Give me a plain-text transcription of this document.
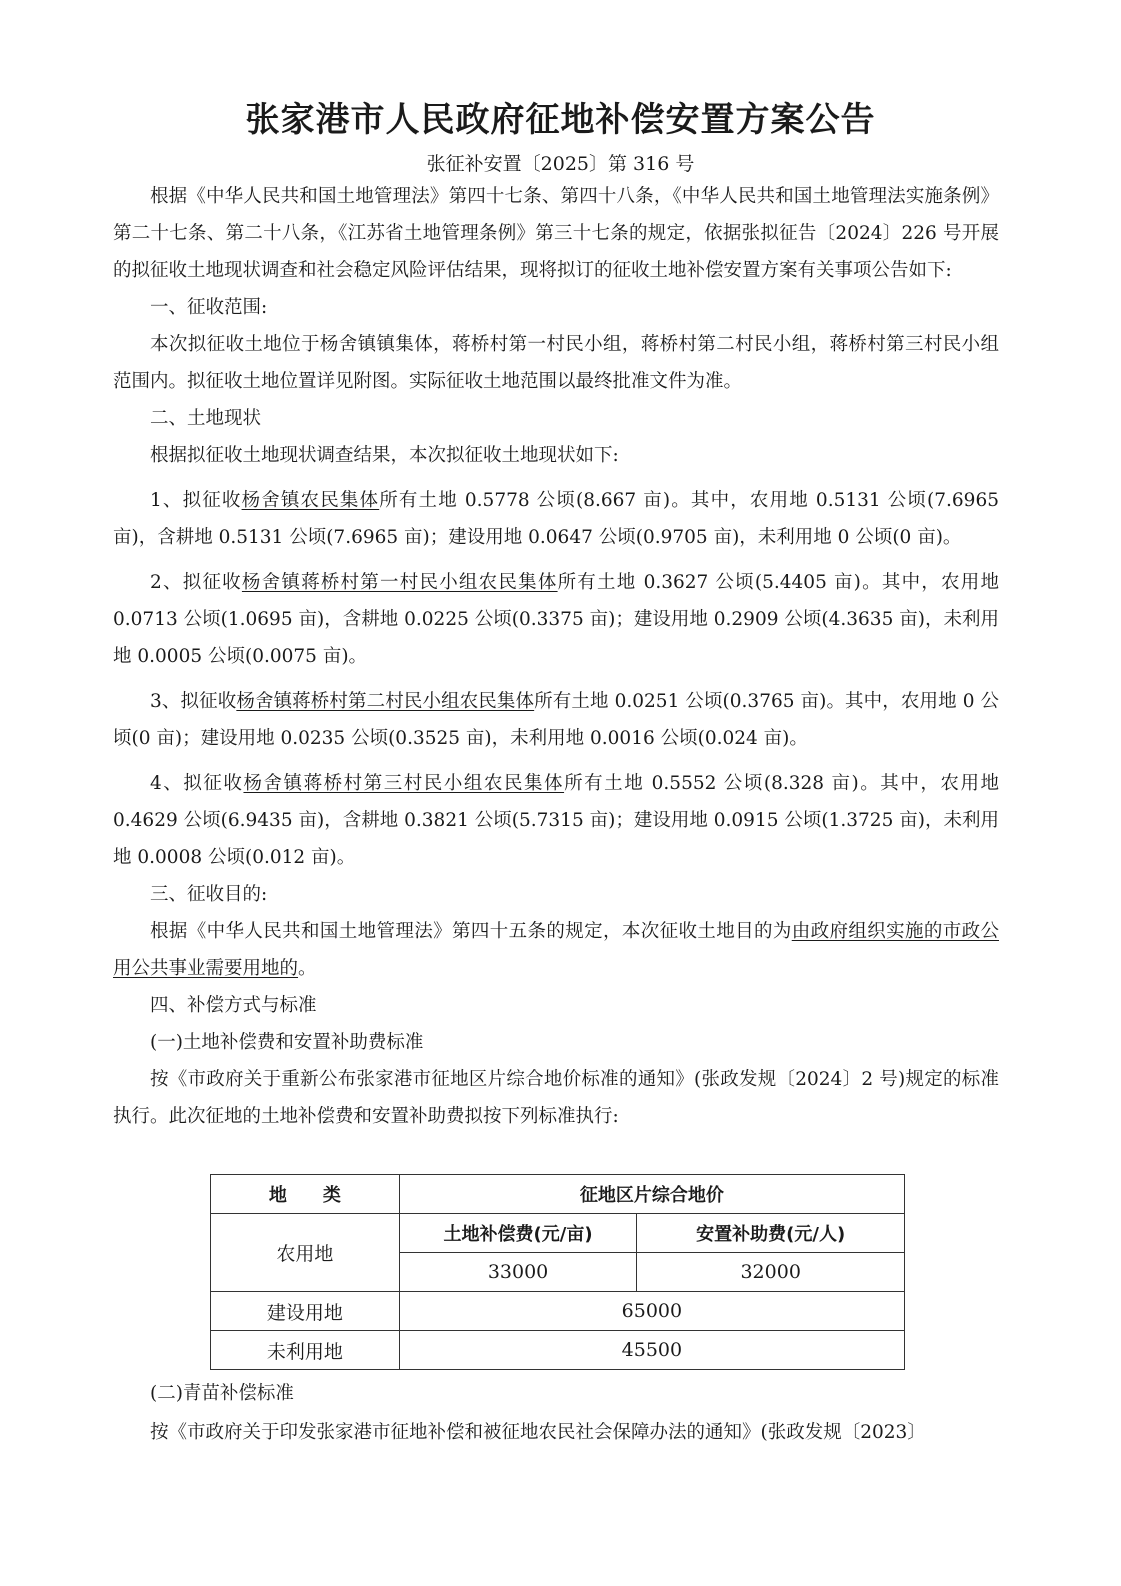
张家港市人民政府征地补偿安置方案公告
张征补安置〔2025〕第 316 号

根据《中华人民共和国土地管理法》第四十七条、第四十八条，《中华人民共和国土地管理法实施条例》第二十七条、第二十八条，《江苏省土地管理条例》第三十七条的规定，依据张拟征告〔2024〕226 号开展的拟征收土地现状调查和社会稳定风险评估结果，现将拟订的征收土地补偿安置方案有关事项公告如下:

一、征收范围:

本次拟征收土地位于杨舍镇镇集体，蒋桥村第一村民小组，蒋桥村第二村民小组，蒋桥村第三村民小组范围内。拟征收土地位置详见附图。实际征收土地范围以最终批准文件为准。

二、土地现状

根据拟征收土地现状调查结果，本次拟征收土地现状如下:

1、拟征收杨舍镇农民集体所有土地 0.5778 公顷(8.667 亩)。其中，农用地 0.5131 公顷(7.6965 亩)，含耕地 0.5131 公顷(7.6965 亩)；建设用地 0.0647 公顷(0.9705 亩)，未利用地 0 公顷(0 亩)。

2、拟征收杨舍镇蒋桥村第一村民小组农民集体所有土地 0.3627 公顷(5.4405 亩)。其中，农用地 0.0713 公顷(1.0695 亩)，含耕地 0.0225 公顷(0.3375 亩)；建设用地 0.2909 公顷(4.3635 亩)，未利用地 0.0005 公顷(0.0075 亩)。

3、拟征收杨舍镇蒋桥村第二村民小组农民集体所有土地 0.0251 公顷(0.3765 亩)。其中，农用地 0 公顷(0 亩)；建设用地 0.0235 公顷(0.3525 亩)，未利用地 0.0016 公顷(0.024 亩)。

4、拟征收杨舍镇蒋桥村第三村民小组农民集体所有土地 0.5552 公顷(8.328 亩)。其中，农用地 0.4629 公顷(6.9435 亩)，含耕地 0.3821 公顷(5.7315 亩)；建设用地 0.0915 公顷(1.3725 亩)，未利用地 0.0008 公顷(0.012 亩)。

三、征收目的:

根据《中华人民共和国土地管理法》第四十五条的规定，本次征收土地目的为由政府组织实施的市政公用公共事业需要用地的。

四、补偿方式与标准

(一)土地补偿费和安置补助费标准

按《市政府关于重新公布张家港市征地区片综合地价标准的通知》(张政发规〔2024〕2 号)规定的标准执行。此次征地的土地补偿费和安置补助费拟按下列标准执行:

地　　类	征地区片综合地价	
农用地	土地补偿费(元/亩)	安置补助费(元/人)
	33000	32000
建设用地	65000	
未利用地	45500	

(二)青苗补偿标准

按《市政府关于印发张家港市征地补偿和被征地农民社会保障办法的通知》(张政发规〔2023〕
